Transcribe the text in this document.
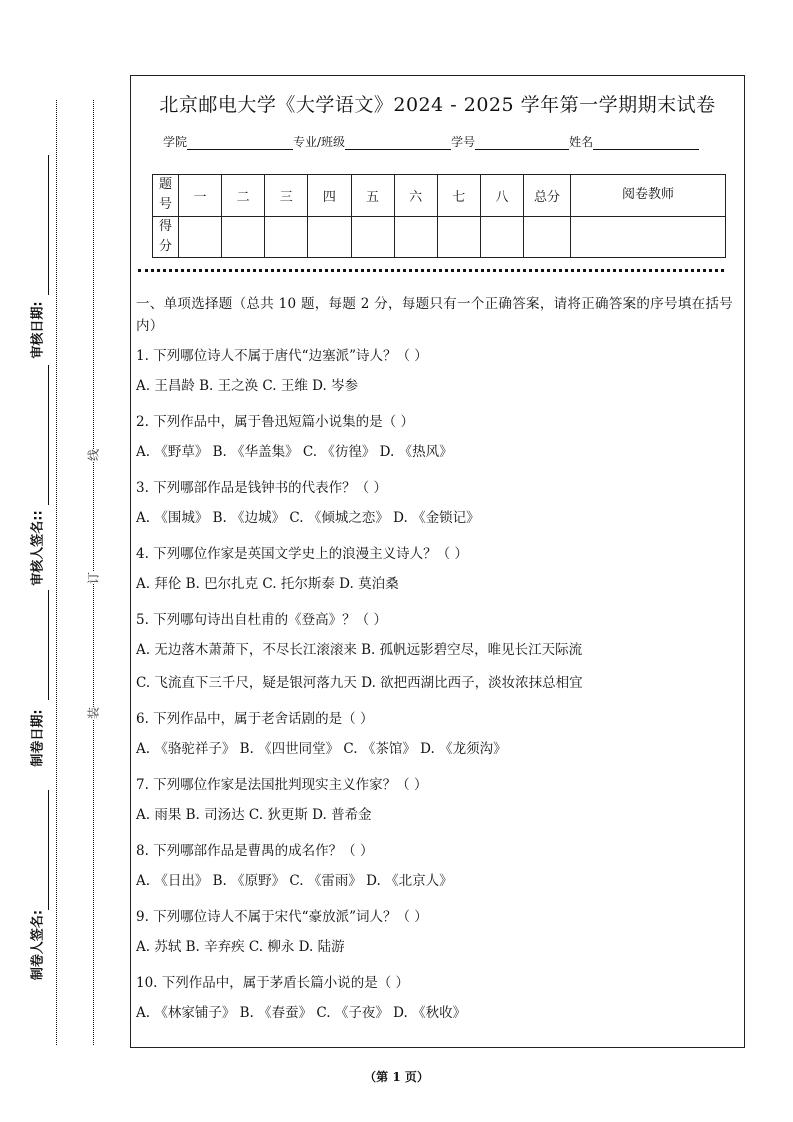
审核日期:
审核人签名::
制卷日期:
制卷人签名:
线
订
装
北京邮电大学《大学语文》2024 - 2025 学年第一学期期末试卷
学院	专业/班级	学号	姓名
题号	一	二	三	四	五	六	七	八	总分	阅卷教师
得分										
一、单项选择题（总共 10 题，每题 2 分，每题只有一个正确答案，请将正确答案的序号填在括号内）
1. 下列哪位诗人不属于唐代“边塞派”诗人？（ ）
A. 王昌龄 B. 王之涣 C. 王维 D. 岑参
2. 下列作品中，属于鲁迅短篇小说集的是（ ）
A. 《野草》 B. 《华盖集》 C. 《彷徨》 D. 《热风》
3. 下列哪部作品是钱钟书的代表作？（ ）
A. 《围城》 B. 《边城》 C. 《倾城之恋》 D. 《金锁记》
4. 下列哪位作家是英国文学史上的浪漫主义诗人？（ ）
A. 拜伦 B. 巴尔扎克 C. 托尔斯泰 D. 莫泊桑
5. 下列哪句诗出自杜甫的《登高》？（ ）
A. 无边落木萧萧下，不尽长江滚滚来 B. 孤帆远影碧空尽，唯见长江天际流
C. 飞流直下三千尺，疑是银河落九天 D. 欲把西湖比西子，淡妆浓抹总相宜
6. 下列作品中，属于老舍话剧的是（ ）
A. 《骆驼祥子》 B. 《四世同堂》 C. 《茶馆》 D. 《龙须沟》
7. 下列哪位作家是法国批判现实主义作家？（ ）
A. 雨果 B. 司汤达 C. 狄更斯 D. 普希金
8. 下列哪部作品是曹禺的成名作？（ ）
A. 《日出》 B. 《原野》 C. 《雷雨》 D. 《北京人》
9. 下列哪位诗人不属于宋代“豪放派”词人？（ ）
A. 苏轼 B. 辛弃疾 C. 柳永 D. 陆游
10. 下列作品中，属于茅盾长篇小说的是（ ）
A. 《林家铺子》 B. 《春蚕》 C. 《子夜》 D. 《秋收》
（第 1 页）
